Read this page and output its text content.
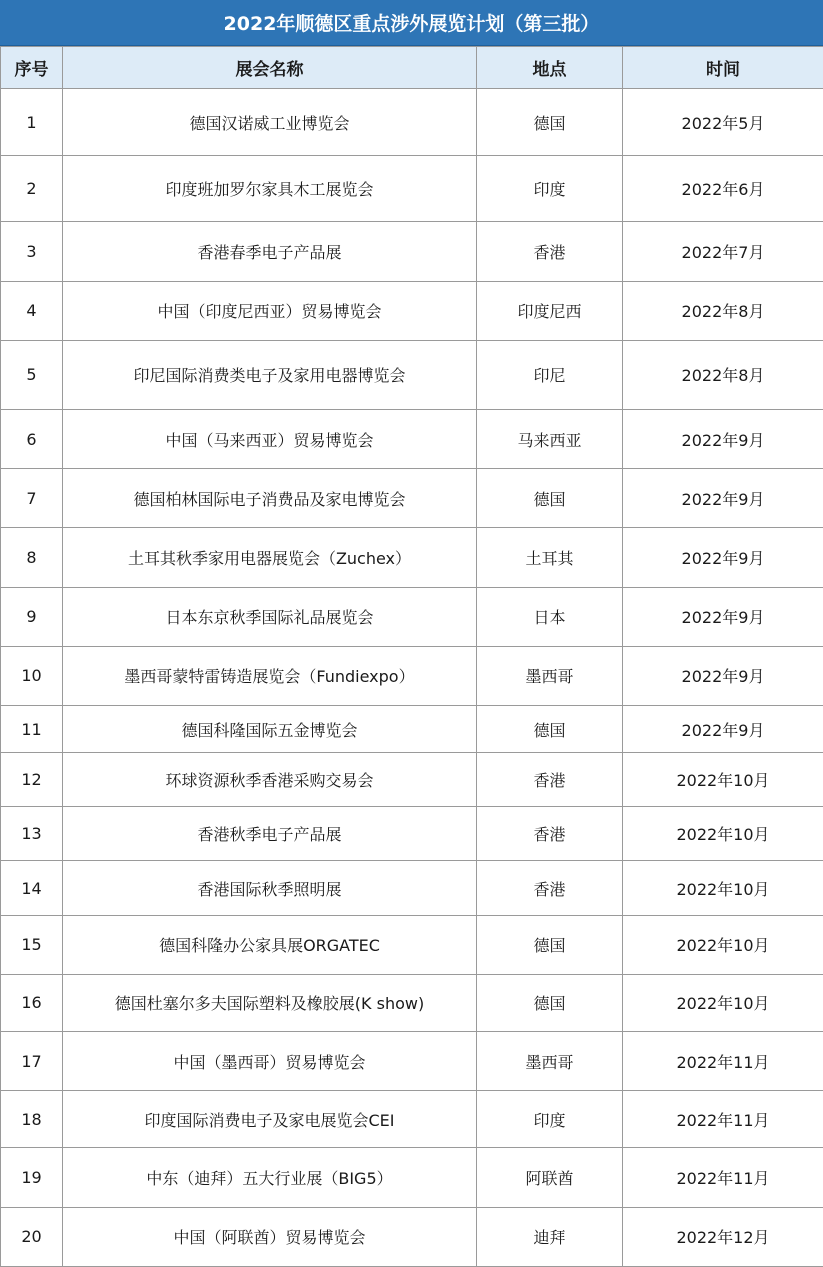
2022年顺德区重点涉外展览计划（第三批）
序号	展会名称	地点	时间
1	德国汉诺威工业博览会	德国	2022年5月
2	印度班加罗尔家具木工展览会	印度	2022年6月
3	香港春季电子产品展	香港	2022年7月
4	中国（印度尼西亚）贸易博览会	印度尼西	2022年8月
5	印尼国际消费类电子及家用电器博览会	印尼	2022年8月
6	中国（马来西亚）贸易博览会	马来西亚	2022年9月
7	德国柏林国际电子消费品及家电博览会	德国	2022年9月
8	土耳其秋季家用电器展览会（Zuchex）	土耳其	2022年9月
9	日本东京秋季国际礼品展览会	日本	2022年9月
10	墨西哥蒙特雷铸造展览会（Fundiexpo）	墨西哥	2022年9月
11	德国科隆国际五金博览会	德国	2022年9月
12	环球资源秋季香港采购交易会	香港	2022年10月
13	香港秋季电子产品展	香港	2022年10月
14	香港国际秋季照明展	香港	2022年10月
15	德国科隆办公家具展ORGATEC	德国	2022年10月
16	德国杜塞尔多夫国际塑料及橡胶展(K show)	德国	2022年10月
17	中国（墨西哥）贸易博览会	墨西哥	2022年11月
18	印度国际消费电子及家电展览会CEI	印度	2022年11月
19	中东（迪拜）五大行业展（BIG5）	阿联酋	2022年11月
20	中国（阿联酋）贸易博览会	迪拜	2022年12月
